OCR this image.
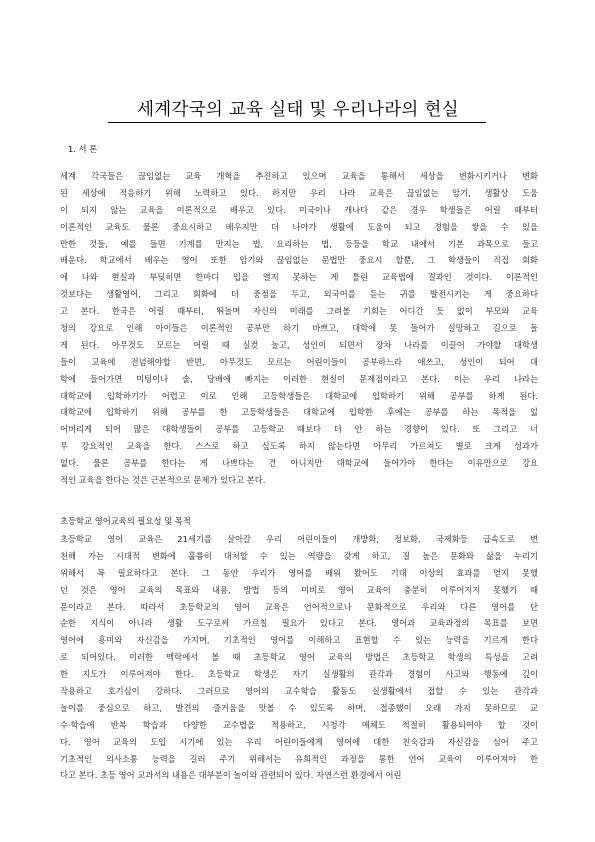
세계각국의 교육 실태 및 우리나라의 현실
1. 서 론
세계 각국들은 끊임없는 교육 개혁을 추진하고 있으며 교육을 통해서 세상을 변화시키거나 변화
된 세상에 적응하기 위해 노력하고 있다. 하지만 우리 나라 교육은 끊임없는 암기, 생활상 도움
이 되지 않는 교육을 이론적으로 배우고 있다. 미국이나 캐나다 같은 경우 학생들은 어릴 때부터
이론적인 교육도 물론 중요시하고 배우지만 더 나아가 생활에 도움이 되고 경험을 쌓을 수 있을
만한 것들, 예를 들면 기계를 만지는 법, 요리하는 법, 등등을 학교 내에서 기본 과목으로 들고
배운다. 학교에서 배우는 영어 또한 암기와 끊임없는 문법만 중요시 할뿐, 그 학생들이 직접 회화
에 나와 현실과 부딪히면 한마디 입을 열지 못하는 게 틀린 교육법에 결과인 것이다. 이론적인
것보다는 생활영어, 그리고 회화에 더 중점을 두고, 외국어를 듣는 귀를 발전시키는 게 중요하다
고 본다. 한국은 어릴 때부터, 뛰놀며 자신의 미래를 그려볼 기회는 어디간 듯 없이 부모와 교육
청의 강요로 인해 아이들은 이론적인 공부만 하기 바쁘고, 대학에 못 들어가 실망하고 길으로 돌
게 된다. 아무것도 모르는 어릴 때 실컷 놀고, 성인이 되면서 장차 나라를 이끌어 가야할 대학생
들이 교육에 전념해야할 반면, 아무것도 모르는 어린이들이 공부하느라 애쓰고, 성인이 되어 대
학에 들어가면 미팅이나 술, 당배에 빠지는 이러한 현실이 문제점이라고 본다. 이는 우리 나라는
대학교에 입학하기가 어렵고 이로 인해 고등학생들은 대학교에 입학하기 위해 공부를 하게 된다.
대학교에 입학하기 위해 공부를 한 고등학생들은 대학교에 입학한 후에는 공부를 하는 목적을 잃
어버리게 되어 많은 대학생들이 공부를 고등학교 때보다 더 안 하는 경향이 있다. 또 그리고 너
무 강요적인 교육을 한다. 스스로 하고 싶도록 하지 않는다면 아무리 가르쳐도 별로 크게 성과가
없다. 물론 공부를 한다는 게 나쁘다는 건 아니지만 대학교에 들어가야 한다는 이유만으로 강요
적인 교육을 한다는 것은 근본적으로 문제가 있다고 본다.
초등학교 영어교육의 필요성 및 목적
초등학교 영어 교육은 21세기를 살아갈 우리 어린이들이 개방화, 정보화, 국제화등 급속도로 변
천해 가는 시대적 변화에 훌륭히 대처할 수 있는 역량을 갖게 하고, 질 높은 문화와 삶을 누리기
위해서 꼭 필요하다고 본다. 그 동안 우리가 영어를 배워 왔어도 기대 이상의 효과를 얻지 못했
던 것은 영어 교육의 목표와 내용, 방법 등의 미비로 영어 교육이 충분히 이루어지지 못했기 때
문이라고 본다. 따라서 초등학교의 영어 교육은 언어적으로나 문화적으로 우리와 다른 영어를 단
순한 지식이 아니라 생활 도구로써 가르칠 필요가 있다고 본다. 영어과 교육과정의 목표를 보면
영어에 흥미와 자신감을 가지며, 기초적인 영어를 이해하고 표현할 수 있는 능력을 기르게 한다
로 되어있다. 이러한 맥락에서 볼 때 초등학교 영어 교육의 방법은 초등학교 학생의 특성을 고려
한 지도가 이루어져야 한다. 초등학교 학생은 자기 실생활의 관각과 경험이 사고와 행동에 깊이
작용하고 호기심이 강하다. 그러므로 영어의 교수학습 활동도 실생활에서 접할 수 있는 관각과
놀이를 중심으로 하고, 발견의 즐거움을 맛볼 수 있도록 하며, 접종했이 오래 가지 못하므로 교
수·학습에 반복 학습과 다양한 교수법을 적용하고, 시청각 매체도 적절히 활용되어야 할 것이
다. 영어 교육의 도입 시기에 있는 우리 어린이들에게 영어에 대한 친숙감과 자신감을 심어 주고
기초적인 의사소통 능력을 길러 주기 위해서는 유희적인 과정을 통한 언어 교육이 이루어져야 한
다고 본다. 초등 영어 교과서의 내용은 대부분이 놀이와 관련되어 있다. 자연스런 환경에서 어린
